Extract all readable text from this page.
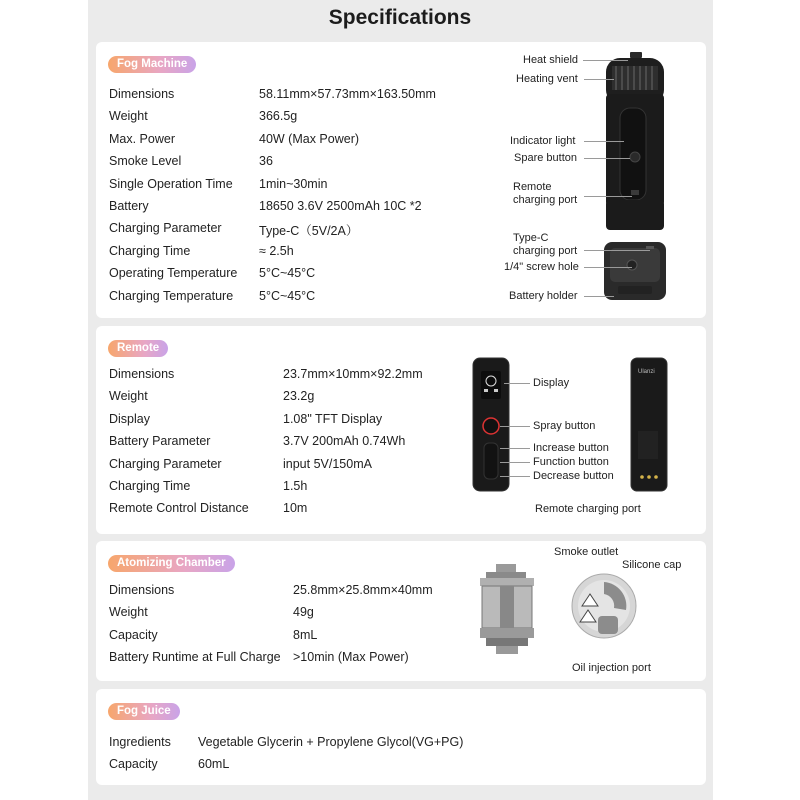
Specifications
Fog Machine
Dimensions	58.11mm×57.73mm×163.50mm
Weight	366.5g
Max. Power	40W (Max Power)
Smoke Level	36
Single Operation Time 1min~30min
Battery	18650 3.6V 2500mAh 10C *2
Charging Parameter	Type-C（5V/2A）
Charging Time	≈ 2.5h
Operating Temperature 5°C~45°C
Charging Temperature 5°C~45°C
Heat shield
Heating vent
Indicator light
Spare button
Remote
charging port
Type-C
charging port
1/4" screw hole
Battery holder
Remote
Dimensions	23.7mm×10mm×92.2mm
Weight	23.2g
Display	1.08" TFT Display
Battery Parameter	3.7V 200mAh 0.74Wh
Charging Parameter	input 5V/150mA
Charging Time	1.5h
Remote Control Distance	10m
Ulanzi
Display
Spray button
Increase button
Function button
Decrease button
Remote charging port
Atomizing Chamber
Dimensions	25.8mm×25.8mm×40mm
Weight	49g
Capacity	8mL
Battery Runtime at Full Charge >10min (Max Power)
Smoke outlet
Silicone cap
Oil injection port
Fog Juice
Ingredients Vegetable Glycerin + Propylene Glycol(VG+PG)
Capacity	60mL
